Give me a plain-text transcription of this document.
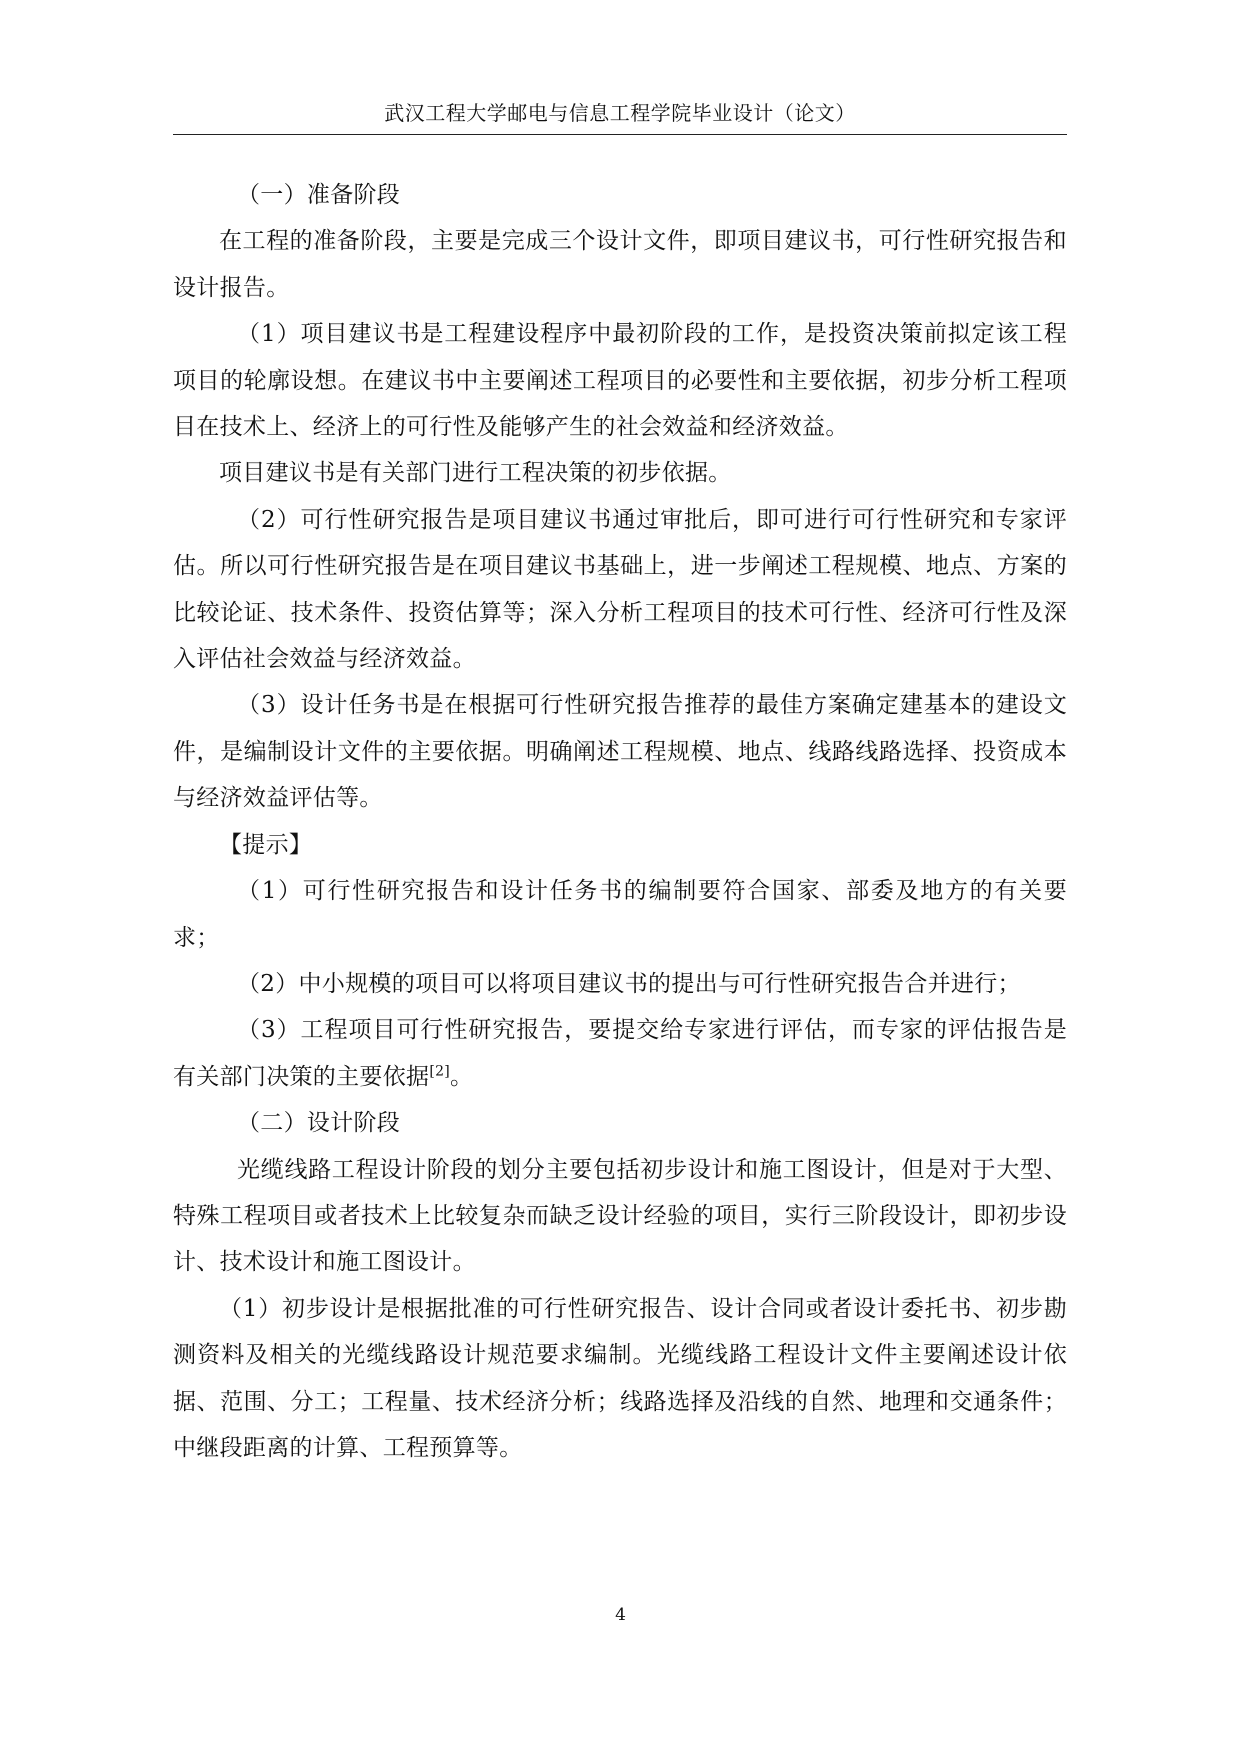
武汉工程大学邮电与信息工程学院毕业设计（论文）

（一）准备阶段

在工程的准备阶段，主要是完成三个设计文件，即项目建议书，可行性研究报告和设计报告。

（1）项目建议书是工程建设程序中最初阶段的工作，是投资决策前拟定该工程项目的轮廓设想。在建议书中主要阐述工程项目的必要性和主要依据，初步分析工程项目在技术上、经济上的可行性及能够产生的社会效益和经济效益。

项目建议书是有关部门进行工程决策的初步依据。

（2）可行性研究报告是项目建议书通过审批后，即可进行可行性研究和专家评估。所以可行性研究报告是在项目建议书基础上，进一步阐述工程规模、地点、方案的比较论证、技术条件、投资估算等；深入分析工程项目的技术可行性、经济可行性及深入评估社会效益与经济效益。

（3）设计任务书是在根据可行性研究报告推荐的最佳方案确定建基本的建设文件，是编制设计文件的主要依据。明确阐述工程规模、地点、线路线路选择、投资成本与经济效益评估等。

【提示】

（1）可行性研究报告和设计任务书的编制要符合国家、部委及地方的有关要求；

（2）中小规模的项目可以将项目建议书的提出与可行性研究报告合并进行；

（3）工程项目可行性研究报告，要提交给专家进行评估，而专家的评估报告是有关部门决策的主要依据[2]。

（二）设计阶段

光缆线路工程设计阶段的划分主要包括初步设计和施工图设计，但是对于大型、特殊工程项目或者技术上比较复杂而缺乏设计经验的项目，实行三阶段设计，即初步设计、技术设计和施工图设计。

（1）初步设计是根据批准的可行性研究报告、设计合同或者设计委托书、初步勘测资料及相关的光缆线路设计规范要求编制。光缆线路工程设计文件主要阐述设计依据、范围、分工；工程量、技术经济分析；线路选择及沿线的自然、地理和交通条件；中继段距离的计算、工程预算等。

4
